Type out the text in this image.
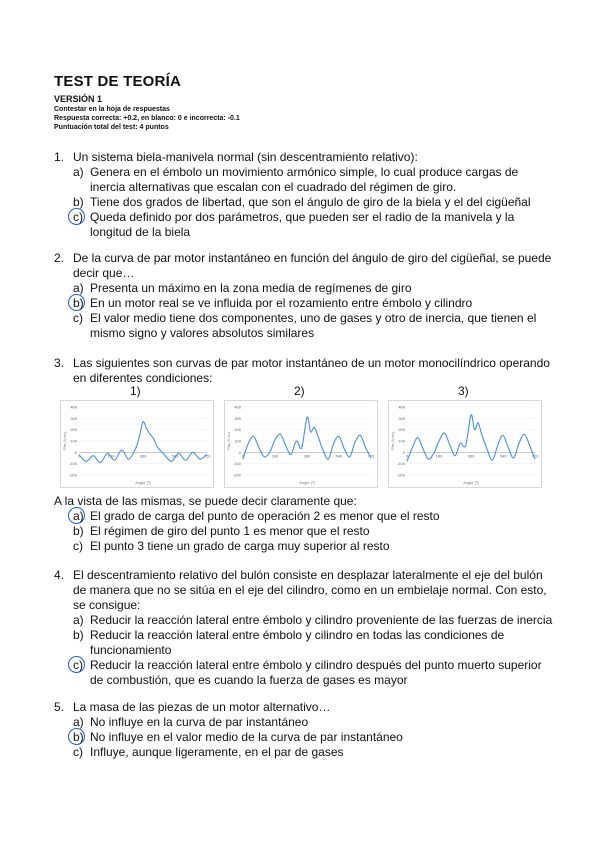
TEST DE TEORÍA
VERSIÓN 1
Contestar en la hoja de respuestas
Respuesta correcta: +0.2, en blanco: 0 e incorrecta: -0.1
Puntuación total del test: 4 puntos
1. Un sistema biela-manivela normal (sin descentramiento relativo):
a) Genera en el émbolo un movimiento armónico simple, lo cual produce cargas de inercia alternativas que escalan con el cuadrado del régimen de giro.
b) Tiene dos grados de libertad, que son el ángulo de giro de la biela y el del cigüeñal
c) Queda definido por dos parámetros, que pueden ser el radio de la manivela y la longitud de la biela
2. De la curva de par motor instantáneo en función del ángulo de giro del cigüeñal, se puede decir que…
a) Presenta un máximo en la zona media de regímenes de giro
b) En un motor real se ve influida por el rozamiento entre émbolo y cilindro
c) El valor medio tiene dos componentes, uno de gases y otro de inercia, que tienen el mismo signo y valores absolutos similares
3. Las siguientes son curvas de par motor instantáneo de un motor monocilíndrico operando en diferentes condiciones:
1)	2)	3)
-200
-100
0
100
200
300
400
0	180	360	540	720
Angle (º)
Par (N·m)
-200
-100
0
100
200
300
400
0	180	360	540	720
Angle (º)
Par (N·m)
-200
-100
0
100
200
300
400
0	180	360	540	720
Angle (º)
Par (N·m)
A la vista de las mismas, se puede decir claramente que:
a) El grado de carga del punto de operación 2 es menor que el resto
b) El régimen de giro del punto 1 es menor que el resto
c) El punto 3 tiene un grado de carga muy superior al resto
4. El descentramiento relativo del bulón consiste en desplazar lateralmente el eje del bulón de manera que no se sitúa en el eje del cilindro, como en un embielaje normal. Con esto, se consigue:
a) Reducir la reacción lateral entre émbolo y cilindro proveniente de las fuerzas de inercia
b) Reducir la reacción lateral entre émbolo y cilindro en todas las condiciones de funcionamiento
c) Reducir la reacción lateral entre émbolo y cilindro después del punto muerto superior de combustión, que es cuando la fuerza de gases es mayor
5. La masa de las piezas de un motor alternativo…
a) No influye en la curva de par instantáneo
b) No influye en el valor medio de la curva de par instantáneo
c) Influye, aunque ligeramente, en el par de gases
